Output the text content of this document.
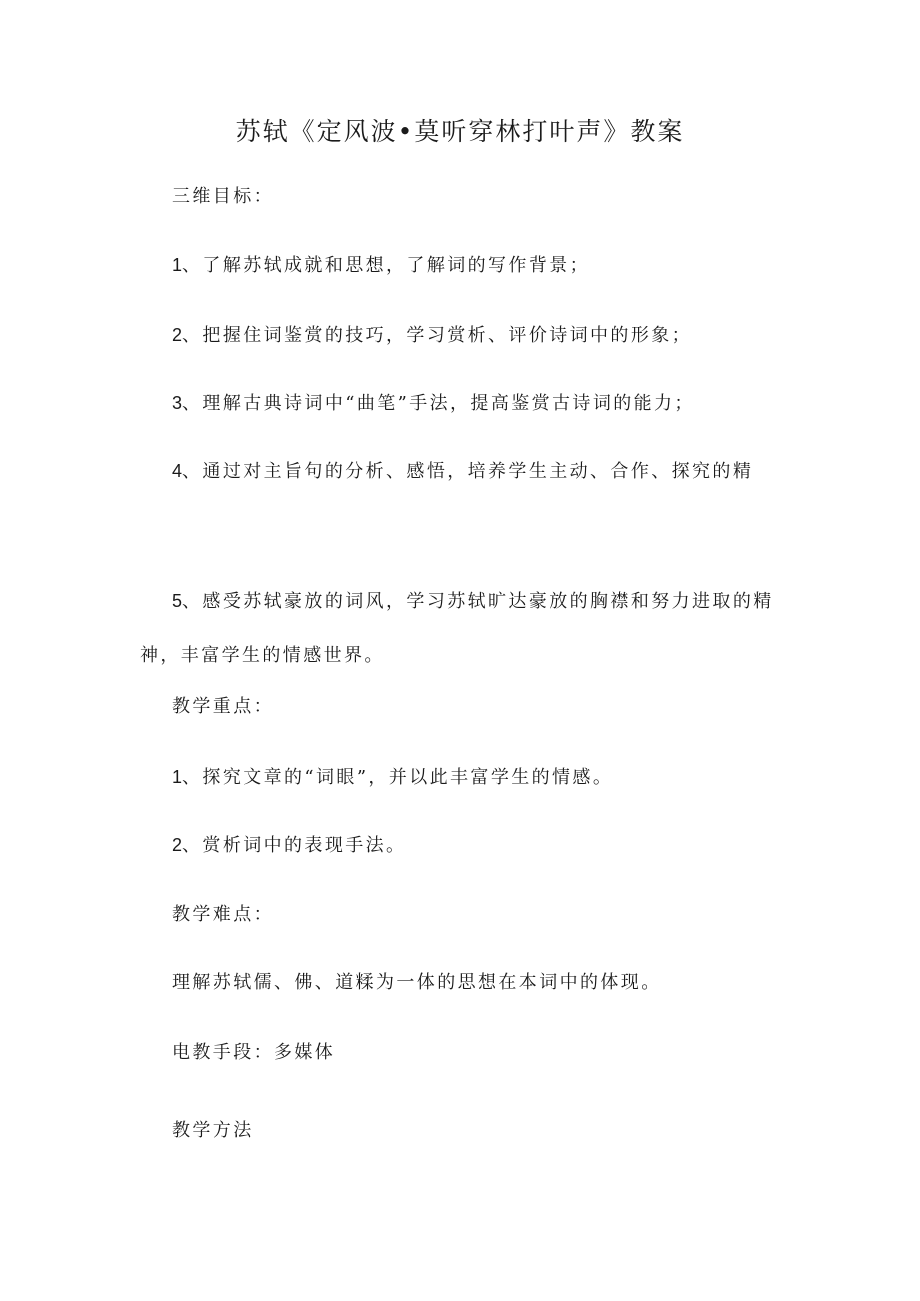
苏轼《定风波•莫听穿林打叶声》教案

三维目标：

1、了解苏轼成就和思想，了解词的写作背景；

2、把握住词鉴赏的技巧，学习赏析、评价诗词中的形象；

3、理解古典诗词中“曲笔”手法，提高鉴赏古诗词的能力；

4、通过对主旨句的分析、感悟，培养学生主动、合作、探究的精

5、感受苏轼豪放的词风，学习苏轼旷达豪放的胸襟和努力进取的精神，丰富学生的情感世界。

教学重点：

1、探究文章的“词眼”，并以此丰富学生的情感。

2、赏析词中的表现手法。

教学难点：

理解苏轼儒、佛、道糅为一体的思想在本词中的体现。

电教手段：多媒体

教学方法
